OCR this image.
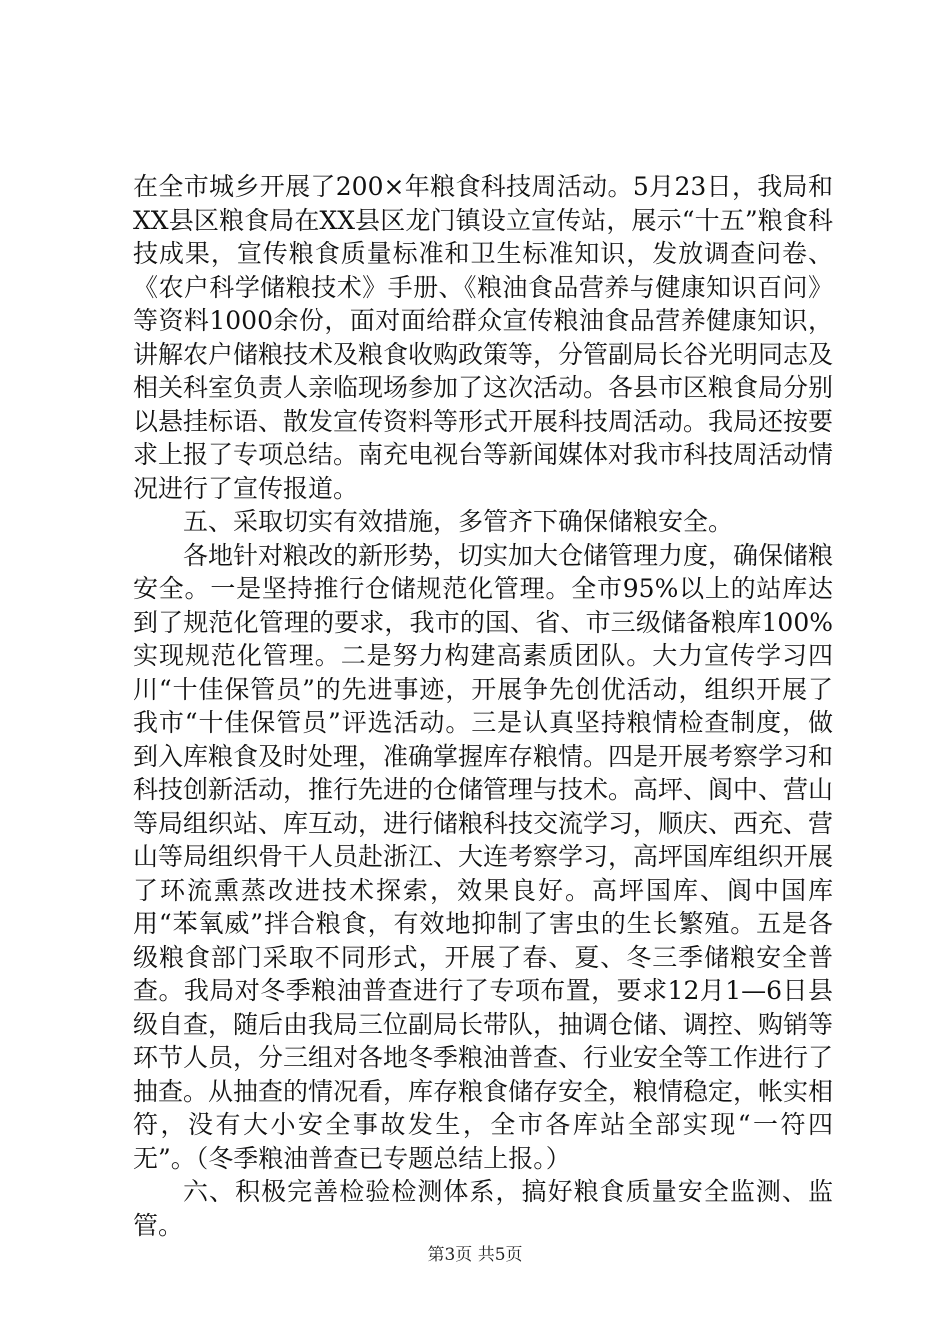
在全市城乡开展了200×年粮食科技周活动。5月23日，我局和XX县区粮食局在XX县区龙门镇设立宣传站，展示“十五”粮食科技成果，宣传粮食质量标准和卫生标准知识，发放调查问卷、《农户科学储粮技术》手册、《粮油食品营养与健康知识百问》等资料1000余份，面对面给群众宣传粮油食品营养健康知识，讲解农户储粮技术及粮食收购政策等，分管副局长谷光明同志及相关科室负责人亲临现场参加了这次活动。各县市区粮食局分别以悬挂标语、散发宣传资料等形式开展科技周活动。我局还按要求上报了专项总结。南充电视台等新闻媒体对我市科技周活动情况进行了宣传报道。

五、采取切实有效措施，多管齐下确保储粮安全。

各地针对粮改的新形势，切实加大仓储管理力度，确保储粮安全。一是坚持推行仓储规范化管理。全市95%以上的站库达到了规范化管理的要求，我市的国、省、市三级储备粮库100%实现规范化管理。二是努力构建高素质团队。大力宣传学习四川“十佳保管员”的先进事迹，开展争先创优活动，组织开展了我市“十佳保管员”评选活动。三是认真坚持粮情检查制度，做到入库粮食及时处理，准确掌握库存粮情。四是开展考察学习和科技创新活动，推行先进的仓储管理与技术。高坪、阆中、营山等局组织站、库互动，进行储粮科技交流学习，顺庆、西充、营山等局组织骨干人员赴浙江、大连考察学习，高坪国库组织开展了环流熏蒸改进技术探索，效果良好。高坪国库、阆中国库用“苯氧威”拌合粮食，有效地抑制了害虫的生长繁殖。五是各级粮食部门采取不同形式，开展了春、夏、冬三季储粮安全普查。我局对冬季粮油普查进行了专项布置，要求12月1—6日县级自查，随后由我局三位副局长带队，抽调仓储、调控、购销等环节人员，分三组对各地冬季粮油普查、行业安全等工作进行了抽查。从抽查的情况看，库存粮食储存安全，粮情稳定，帐实相符，没有大小安全事故发生，全市各库站全部实现“一符四无”。（冬季粮油普查已专题总结上报。）

六、积极完善检验检测体系，搞好粮食质量安全监测、监管。

第3页 共5页
